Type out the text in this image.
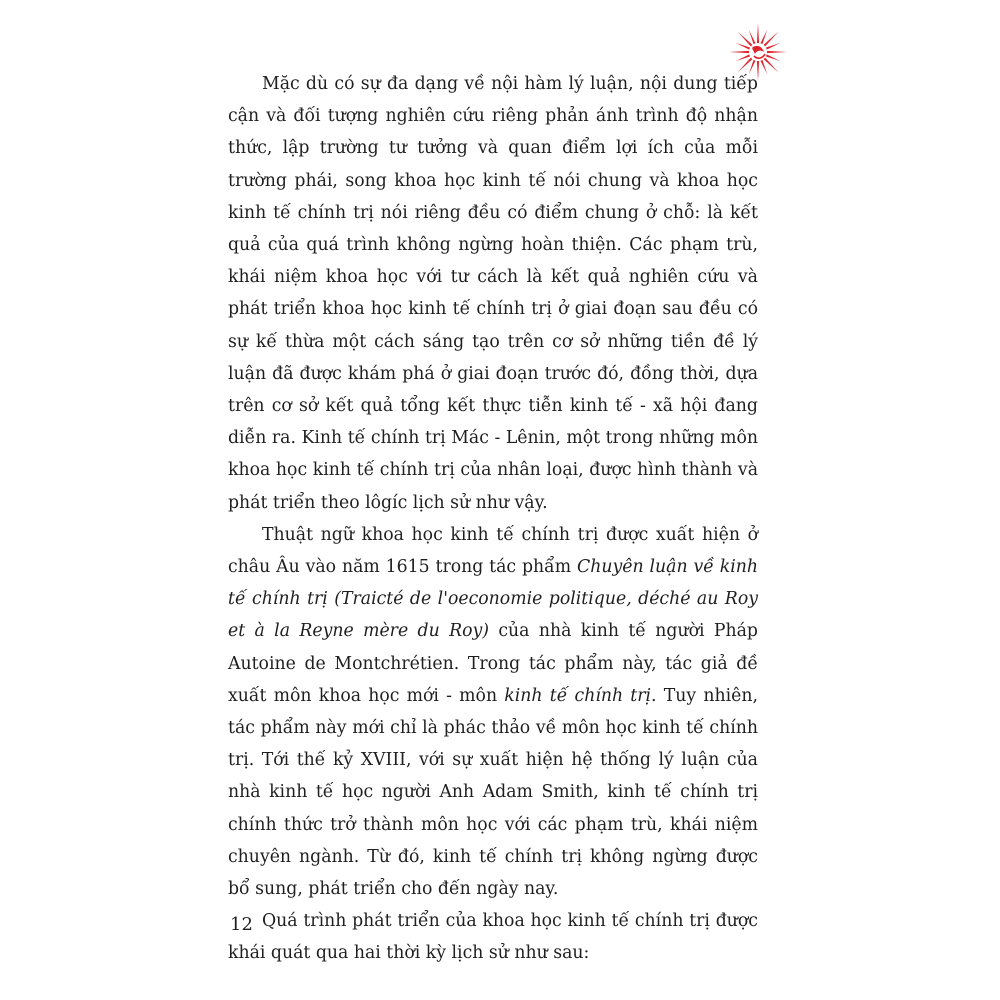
Mặc dù có sự đa dạng về nội hàm lý luận, nội dung tiếp cận và đối tượng nghiên cứu riêng phản ánh trình độ nhận thức, lập trường tư tưởng và quan điểm lợi ích của mỗi trường phái, song khoa học kinh tế nói chung và khoa học kinh tế chính trị nói riêng đều có điểm chung ở chỗ: là kết quả của quá trình không ngừng hoàn thiện. Các phạm trù, khái niệm khoa học với tư cách là kết quả nghiên cứu và phát triển khoa học kinh tế chính trị ở giai đoạn sau đều có sự kế thừa một cách sáng tạo trên cơ sở những tiền đề lý luận đã được khám phá ở giai đoạn trước đó, đồng thời, dựa trên cơ sở kết quả tổng kết thực tiễn kinh tế - xã hội đang diễn ra. Kinh tế chính trị Mác - Lênin, một trong những môn khoa học kinh tế chính trị của nhân loại, được hình thành và phát triển theo lôgíc lịch sử như vậy.

Thuật ngữ khoa học kinh tế chính trị được xuất hiện ở châu Âu vào năm 1615 trong tác phẩm Chuyên luận về kinh tế chính trị (Traicté de l'oeconomie politique, déché au Roy et à la Reyne mère du Roy) của nhà kinh tế người Pháp Autoine de Montchrétien. Trong tác phẩm này, tác giả đề xuất môn khoa học mới - môn kinh tế chính trị. Tuy nhiên, tác phẩm này mới chỉ là phác thảo về môn học kinh tế chính trị. Tới thế kỷ XVIII, với sự xuất hiện hệ thống lý luận của nhà kinh tế học người Anh Adam Smith, kinh tế chính trị chính thức trở thành môn học với các phạm trù, khái niệm chuyên ngành. Từ đó, kinh tế chính trị không ngừng được bổ sung, phát triển cho đến ngày nay.

Quá trình phát triển của khoa học kinh tế chính trị được khái quát qua hai thời kỳ lịch sử như sau:

12
